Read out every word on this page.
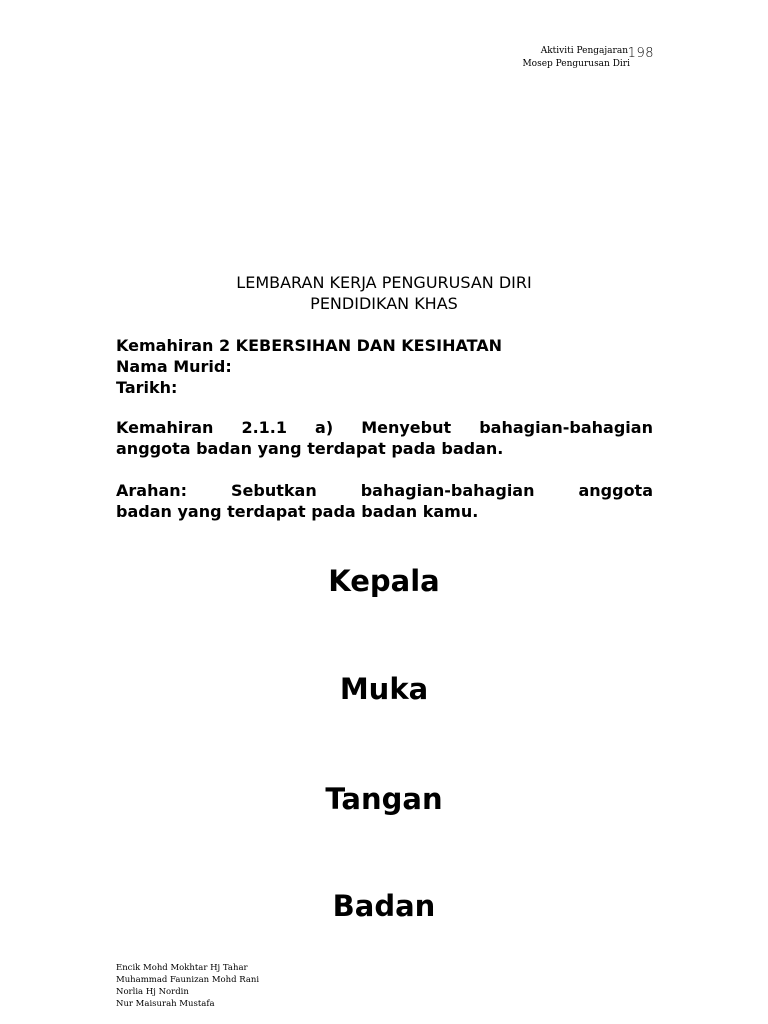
Aktiviti Pengajaran
Mosep Pengurusan Diri
198
LEMBARAN KERJA PENGURUSAN DIRI
PENDIDIKAN KHAS
Kemahiran 2 KEBERSIHAN DAN KESIHATAN
Nama Murid:
Tarikh:
Kemahiran 2.1.1 a) Menyebut bahagian-bahagian
anggota badan yang terdapat pada badan.
Arahan:	Sebutkan	bahagian-bahagian	anggota
badan yang terdapat pada badan kamu.
Kepala
Muka
Tangan
Badan
Encik Mohd Mokhtar Hj Tahar
Muhammad Faunizan Mohd Rani
Norlia Hj Nordin
Nur Maisurah Mustafa
